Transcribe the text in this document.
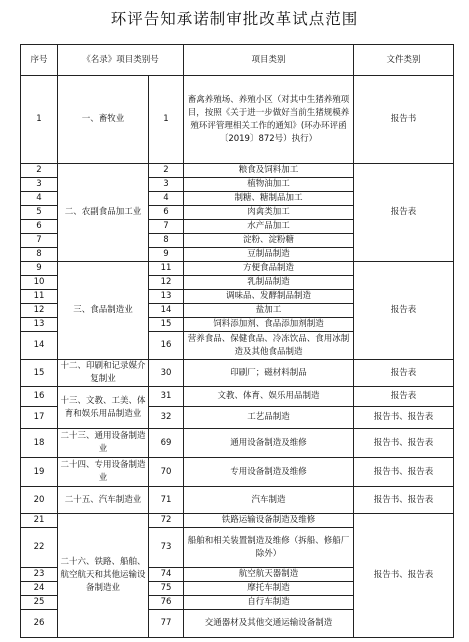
环评告知承诺制审批改革试点范围
序号	《名录》项目类别号		项目类别	文件类别
1	一、畜牧业	1	畜禽养殖场、养殖小区（对其中生猪养殖项目，按照《关于进一步做好当前生猪规模养殖环评管理相关工作的通知》(环办环评函〔2019〕872号）执行）	报告书
2	二、农副食品加工业	2	粮食及饲料加工	报告表
3		3	植物油加工	
4		4	制糖、糖制品加工	
5		6	肉禽类加工	
6		7	水产品加工	
7		8	淀粉、淀粉糖	
8		9	豆制品制造	
9	三、食品制造业	11	方便食品制造	报告表
10		12	乳制品制造	
11		13	调味品、发酵制品制造	
12		14	盐加工	
13		15	饲料添加剂、食品添加剂制造	
14		16	营养食品、保健食品、冷冻饮品、食用冰制造及其他食品制造	
15	十二、印刷和记录媒介复制业	30	印刷厂；磁材料制品	报告表
16	十三、文教、工美、体育和娱乐用品制造业	31	文教、体育、娱乐用品制造	报告表
17		32	工艺品制造	报告书、报告表
18	二十三、通用设备制造业	69	通用设备制造及维修	报告书、报告表
19	二十四、专用设备制造业	70	专用设备制造及维修	报告书、报告表
20	二十五、汽车制造业	71	汽车制造	报告书、报告表
21	二十六、铁路、船舶、航空航天和其他运输设备制造业	72	铁路运输设备制造及维修	报告书、报告表
22		73	船舶和相关装置制造及维修（拆船、修船厂除外）	
23		74	航空航天器制造	
24		75	摩托车制造	
25		76	自行车制造	
26		77	交通器材及其他交通运输设备制造	
